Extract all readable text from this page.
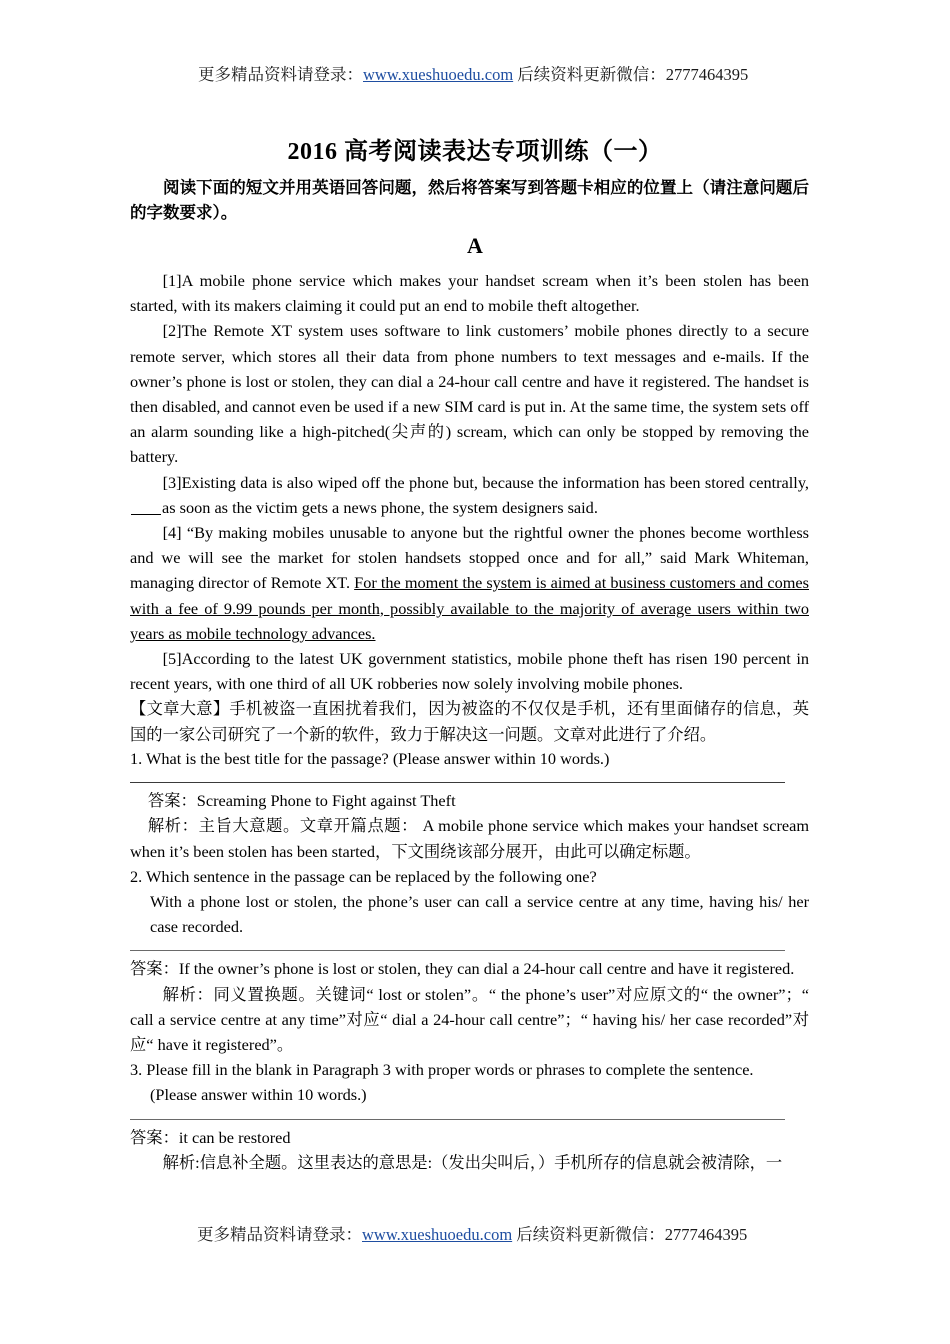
更多精品资料请登录：www.xueshuoedu.com 后续资料更新微信：2777464395
2016 高考阅读表达专项训练（一）
阅读下面的短文并用英语回答问题，然后将答案写到答题卡相应的位置上（请注意问题后的字数要求）。
A

[1]A mobile phone service which makes your handset scream when it’s been stolen has been started, with its makers claiming it could put an end to mobile theft altogether.

[2]The Remote XT system uses software to link customers’ mobile phones directly to a secure remote server, which stores all their data from phone numbers to text messages and e-mails. If the owner’s phone is lost or stolen, they can dial a 24-hour call centre and have it registered. The handset is then disabled, and cannot even be used if a new SIM card is put in. At the same time, the system sets off an alarm sounding like a high-pitched(尖声的) scream, which can only be stopped by removing the battery.

[3]Existing data is also wiped off the phone but, because the information has been stored centrally, as soon as the victim gets a news phone, the system designers said.

[4] “By making mobiles unusable to anyone but the rightful owner the phones become worthless and we will see the market for stolen handsets stopped once and for all,” said Mark Whiteman, managing director of Remote XT. For the moment the system is aimed at business customers and comes with a fee of 9.99 pounds per month, possibly available to the majority of average users within two years as mobile technology advances.

[5]According to the latest UK government statistics, mobile phone theft has risen 190 percent in recent years, with one third of all UK robberies now solely involving mobile phones.

【文章大意】手机被盗一直困扰着我们，因为被盗的不仅仅是手机，还有里面储存的信息，英国的一家公司研究了一个新的软件，致力于解决这一问题。文章对此进行了介绍。

1. What is the best title for the passage? (Please answer within 10 words.)

答案：Screaming Phone to Fight against Theft

解析：主旨大意题。文章开篇点题： A mobile phone service which makes your handset scream when it’s been stolen has been started，下文围绕该部分展开，由此可以确定标题。

2. Which sentence in the passage can be replaced by the following one?

With a phone lost or stolen, the phone’s user can call a service centre at any time, having his/ her case recorded.

答案：If the owner’s phone is lost or stolen, they can dial a 24-hour call centre and have it registered.

解析：同义置换题。关键词“ lost or stolen”。“ the phone’s user”对应原文的“ the owner”；“ call a service centre at any time”对应“ dial a 24-hour call centre”；“ having his/ her case recorded”对应“ have it registered”。

3. Please fill in the blank in Paragraph 3 with proper words or phrases to complete the sentence.

(Please answer within 10 words.)

答案：it can be restored

解析:信息补全题。这里表达的意思是:（发出尖叫后，）手机所存的信息就会被清除，一

更多精品资料请登录：www.xueshuoedu.com 后续资料更新微信：2777464395
